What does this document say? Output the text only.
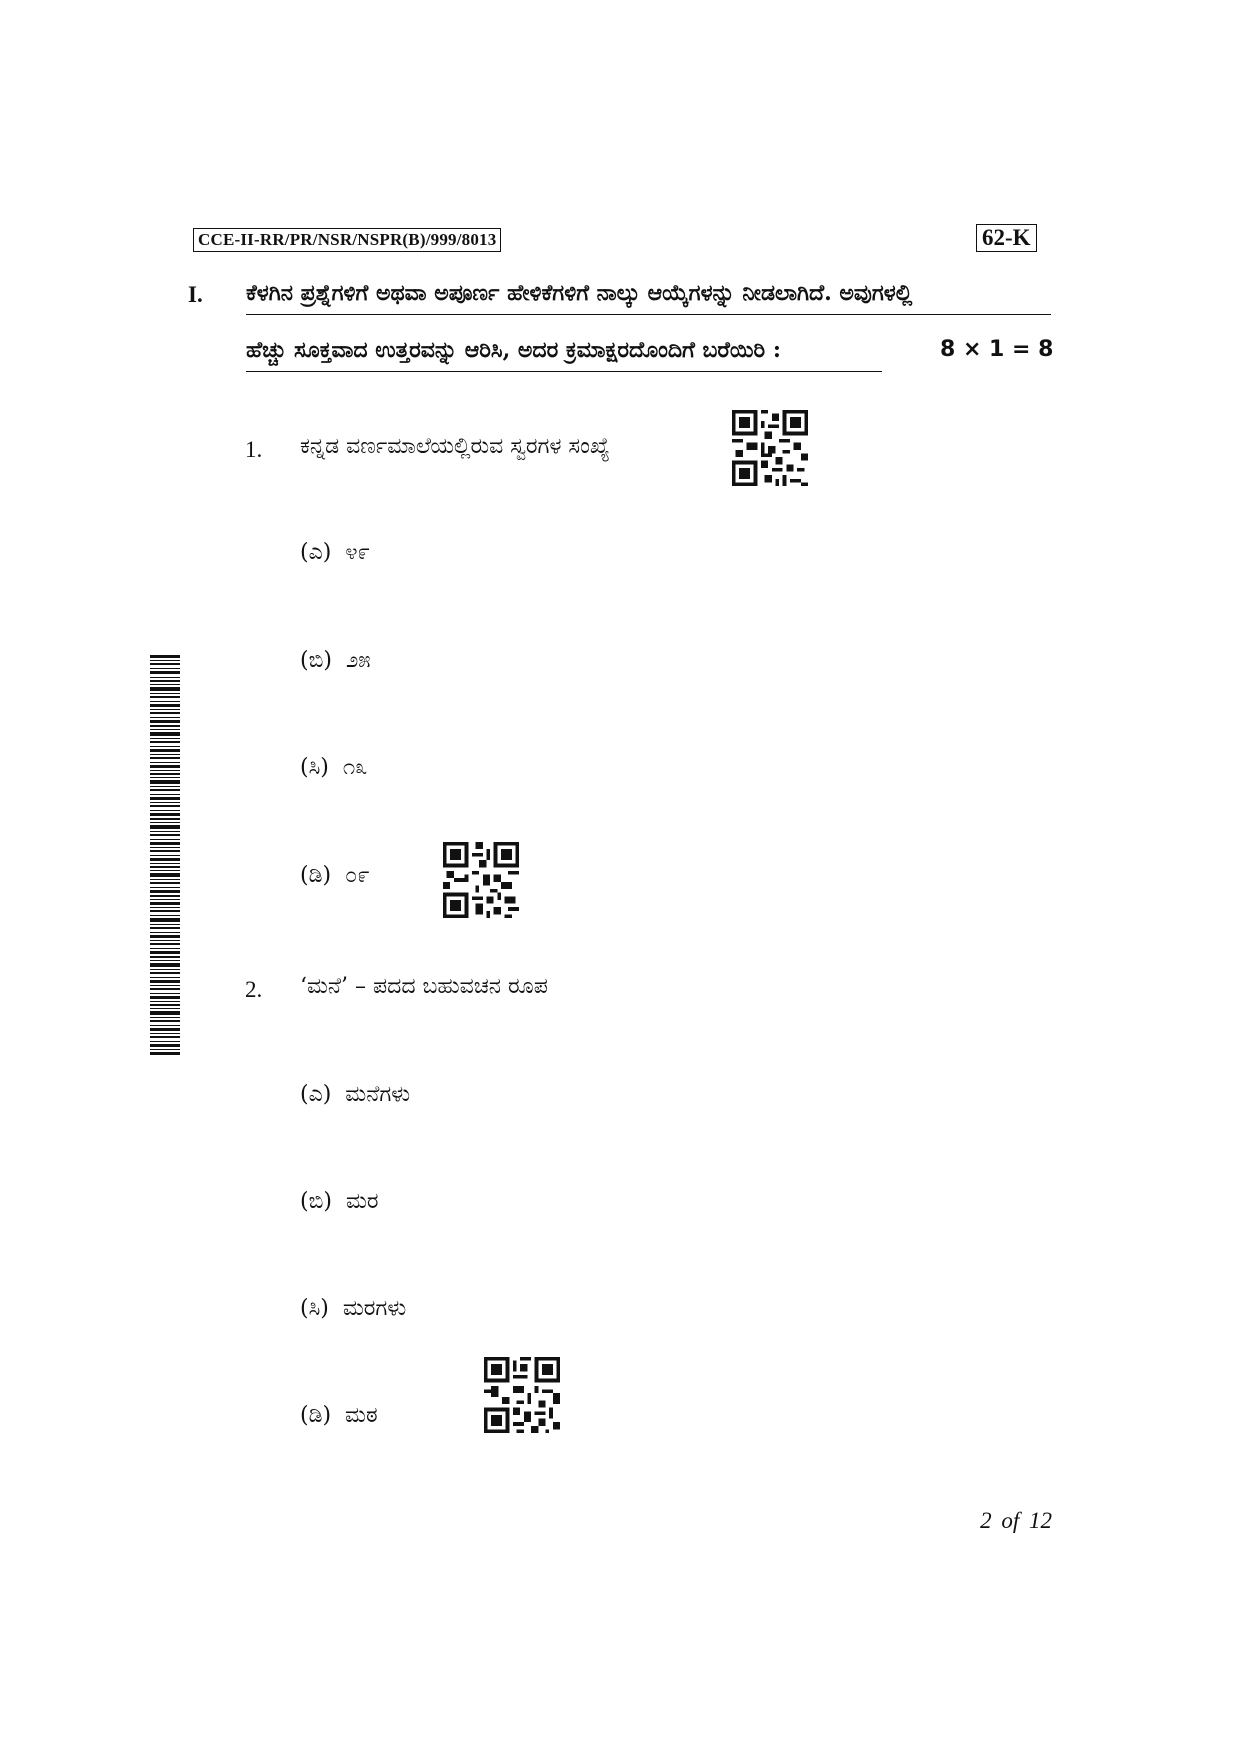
CCE-II-RR/PR/NSR/NSPR(B)/999/8013	62-K
I. ಕೆಳಗಿನ ಪ್ರಶ್ನೆಗಳಿಗೆ ಅಥವಾ ಅಪೂರ್ಣ ಹೇಳಿಕೆಗಳಿಗೆ ನಾಲ್ಕು ಆಯ್ಕೆಗಳನ್ನು ನೀಡಲಾಗಿದೆ. ಅವುಗಳಲ್ಲಿ
ಹೆಚ್ಚು ಸೂಕ್ತವಾದ ಉತ್ತರವನ್ನು ಆರಿಸಿ, ಅದರ ಕ್ರಮಾಕ್ಷರದೊಂದಿಗೆ ಬರೆಯಿರಿ :	8 × 1 = 8
1. ಕನ್ನಡ ವರ್ಣಮಾಲೆಯಲ್ಲಿರುವ ಸ್ವರಗಳ ಸಂಖ್ಯೆ
(ಎ) ೪೯
(ಬಿ) ೨೫
(ಸಿ) ೧೩
(ಡಿ) ೦೯
2. ‘ಮನೆ’ – ಪದದ ಬಹುವಚನ ರೂಪ
(ಎ) ಮನೆಗಳು
(ಬಿ) ಮರ
(ಸಿ) ಮರಗಳು
(ಡಿ) ಮಠ
2 of 12
